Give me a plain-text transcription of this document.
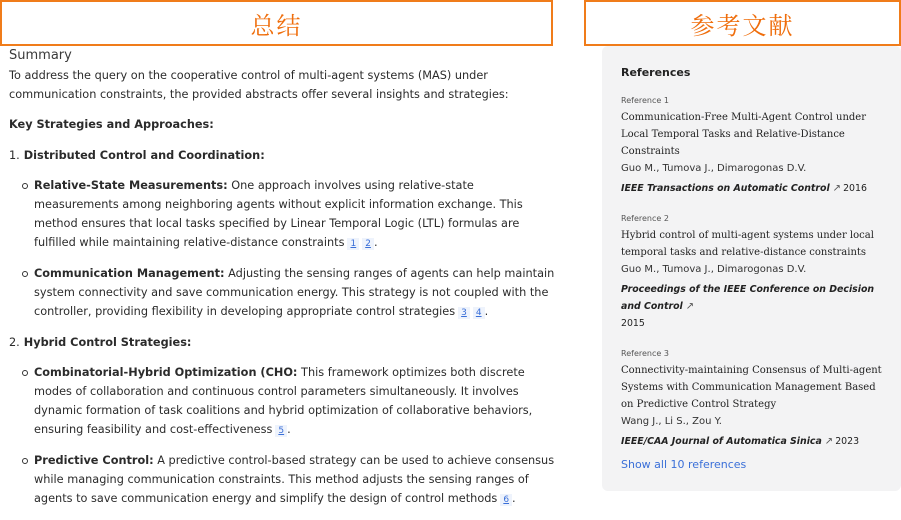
总结	参考文献
Summary
To address the query on the cooperative control of multi-agent systems (MAS) under communication constraints, the provided abstracts offer several insights and strategies:
Key Strategies and Approaches:
1. Distributed Control and Coordination:
Relative-State Measurements: One approach involves using relative-state measurements among neighboring agents without explicit information exchange. This method ensures that local tasks specified by Linear Temporal Logic (LTL) formulas are fulfilled while maintaining relative-distance constraints 1 2 .
Communication Management: Adjusting the sensing ranges of agents can help maintain system connectivity and save communication energy. This strategy is not coupled with the controller, providing flexibility in developing appropriate control strategies 3 4 .
2. Hybrid Control Strategies:
Combinatorial-Hybrid Optimization (CHO: This framework optimizes both discrete modes of collaboration and continuous control parameters simultaneously. It involves dynamic formation of task coalitions and hybrid optimization of collaborative behaviors, ensuring feasibility and cost-effectiveness 5 .
Predictive Control: A predictive control-based strategy can be used to achieve consensus while managing communication constraints. This method adjusts the sensing ranges of agents to save communication energy and simplify the design of control methods 6 .
References
Reference 1
Communication-Free Multi-Agent Control under Local Temporal Tasks and Relative-Distance Constraints
Guo M., Tumova J., Dimarogonas D.V.
IEEE Transactions on Automatic Control ↗ 2016
Reference 2
Hybrid control of multi-agent systems under local temporal tasks and relative-distance constraints
Guo M., Tumova J., Dimarogonas D.V.
Proceedings of the IEEE Conference on Decision and Control ↗
2015
Reference 3
Connectivity-maintaining Consensus of Multi-agent Systems with Communication Management Based on Predictive Control Strategy
Wang J., Li S., Zou Y.
IEEE/CAA Journal of Automatica Sinica ↗ 2023
Show all 10 references
